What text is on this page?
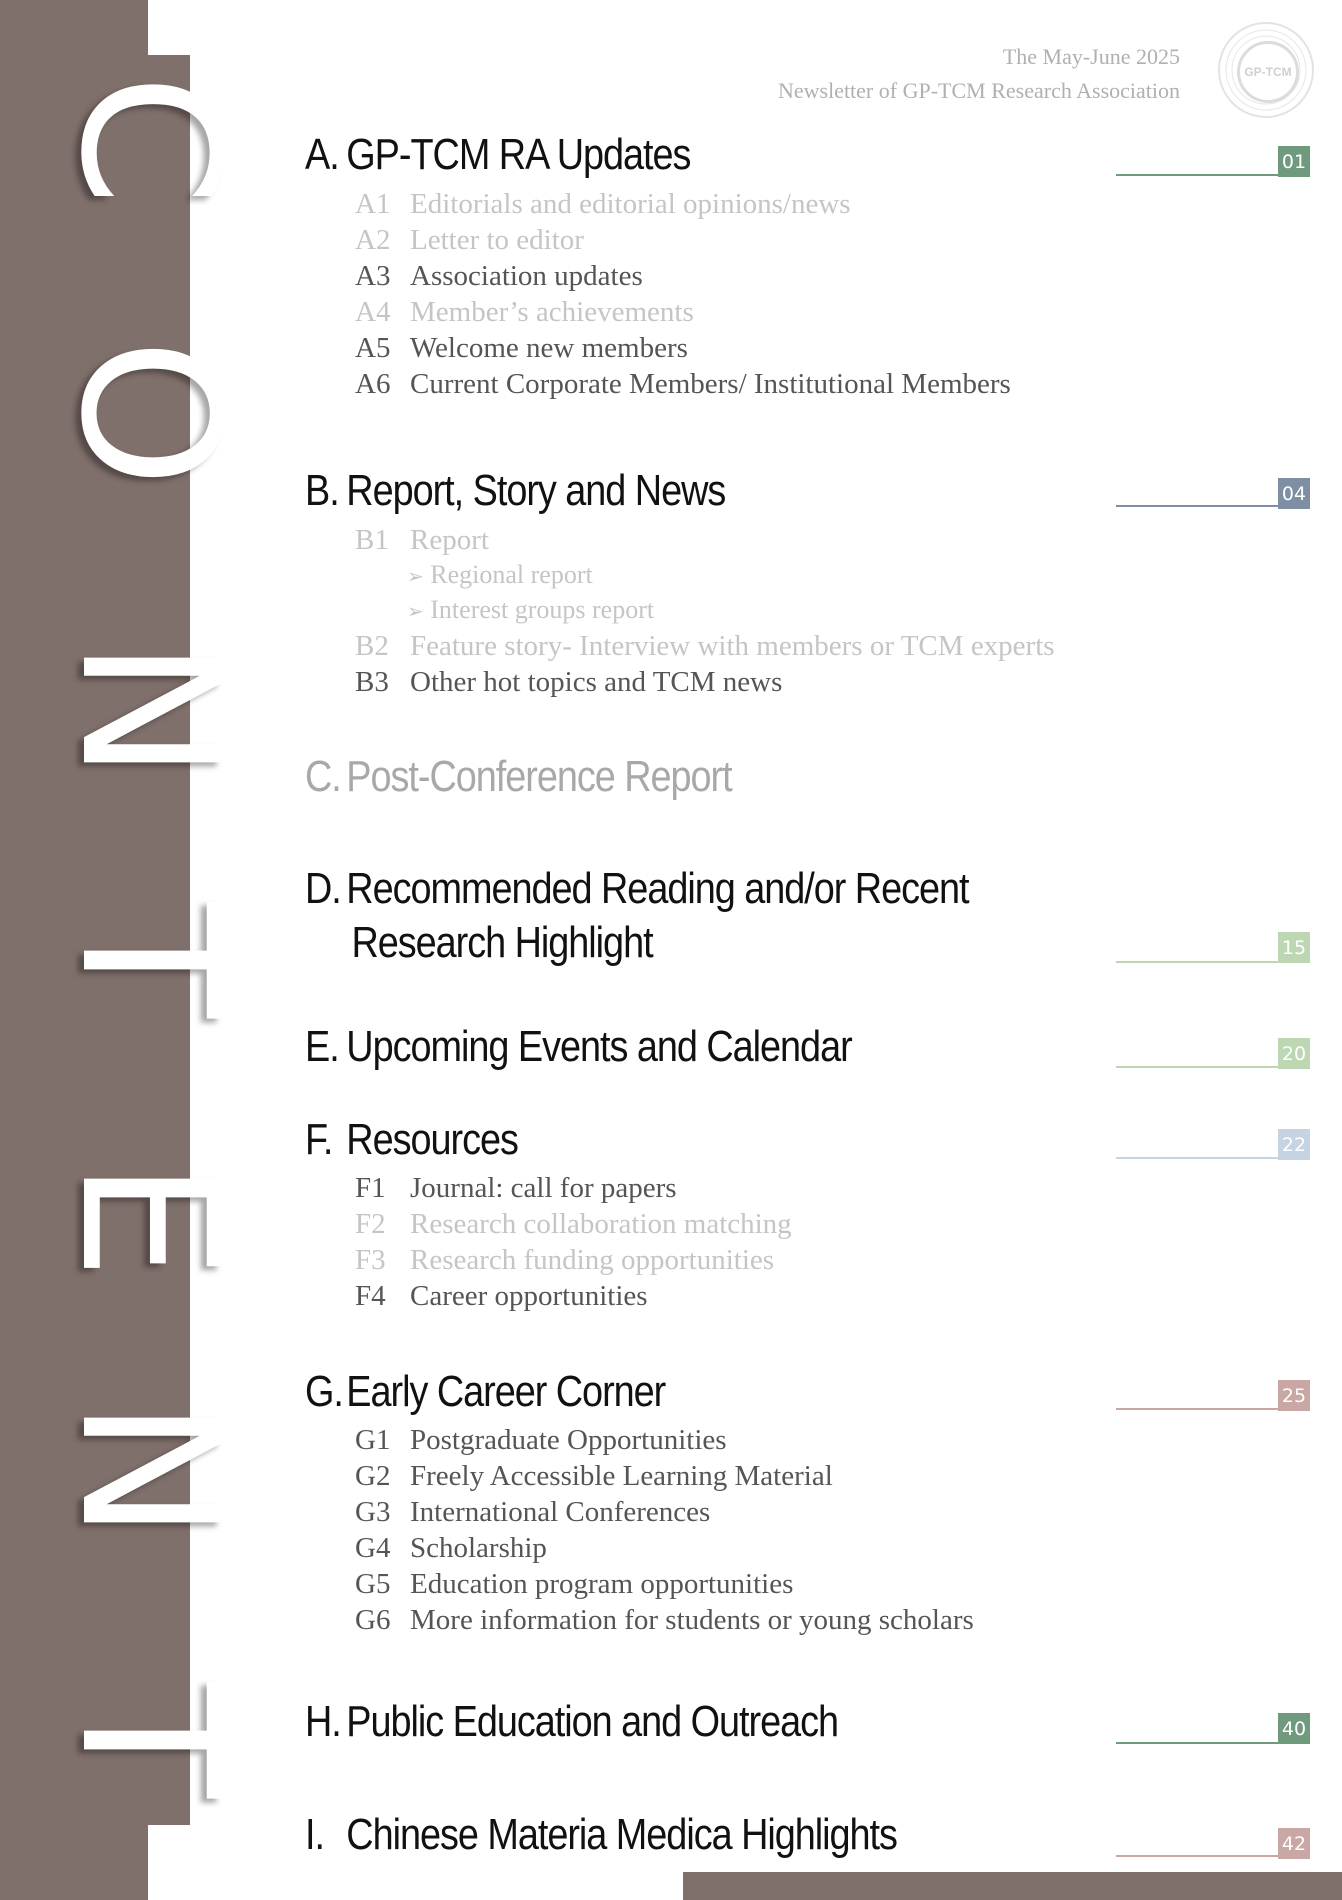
C
O
N
T
E
N
T
The May-June 2025
Newsletter of GP-TCM Research Association
GP-TCM
A. GP-TCM RA Updates	01
A1 Editorials and editorial opinions/news
A2 Letter to editor
A3 Association updates
A4 Member’s achievements
A5 Welcome new members
A6 Current Corporate Members/ Institutional Members
B. Report, Story and News	04
B1 Report
➢ Regional report
➢ Interest groups report
B2 Feature story- Interview with members or TCM experts
B3 Other hot topics and TCM news
C. Post-Conference Report
D. Recommended Reading and/or Recent
Research Highlight	15
E. Upcoming Events and Calendar	20
F. Resources	22
F1 Journal: call for papers
F2 Research collaboration matching
F3 Research funding opportunities
F4 Career opportunities
G.Early Career Corner	25
G1 Postgraduate Opportunities
G2 Freely Accessible Learning Material
G3 International Conferences
G4 Scholarship
G5 Education program opportunities
G6 More information for students or young scholars
H. Public Education and Outreach	40
I. Chinese Materia Medica Highlights	42
